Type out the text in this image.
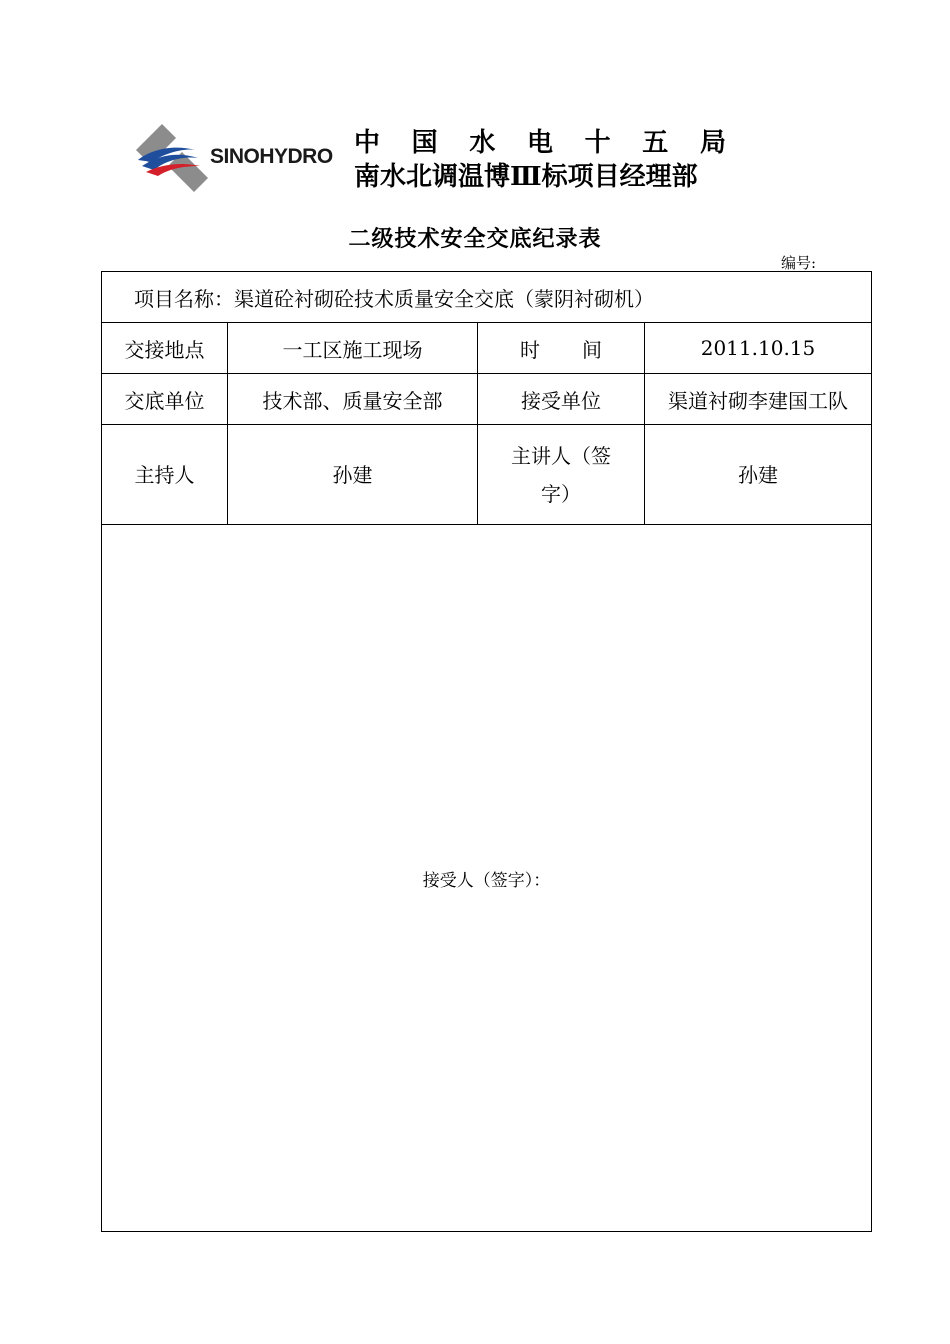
SINOHYDRO 中 国 水 电 十 五 局
南水北调温博Ⅲ标项目经理部
二级技术安全交底纪录表
编号:
项目名称：渠道砼衬砌砼技术质量安全交底（蒙阴衬砌机）			
交接地点	一工区施工现场	时 间	2011.10.15
交底单位	技术部、质量安全部	接受单位	渠道衬砌李建国工队
主持人	孙建	主讲人（签字）	孙建
接受人（签字）：			
